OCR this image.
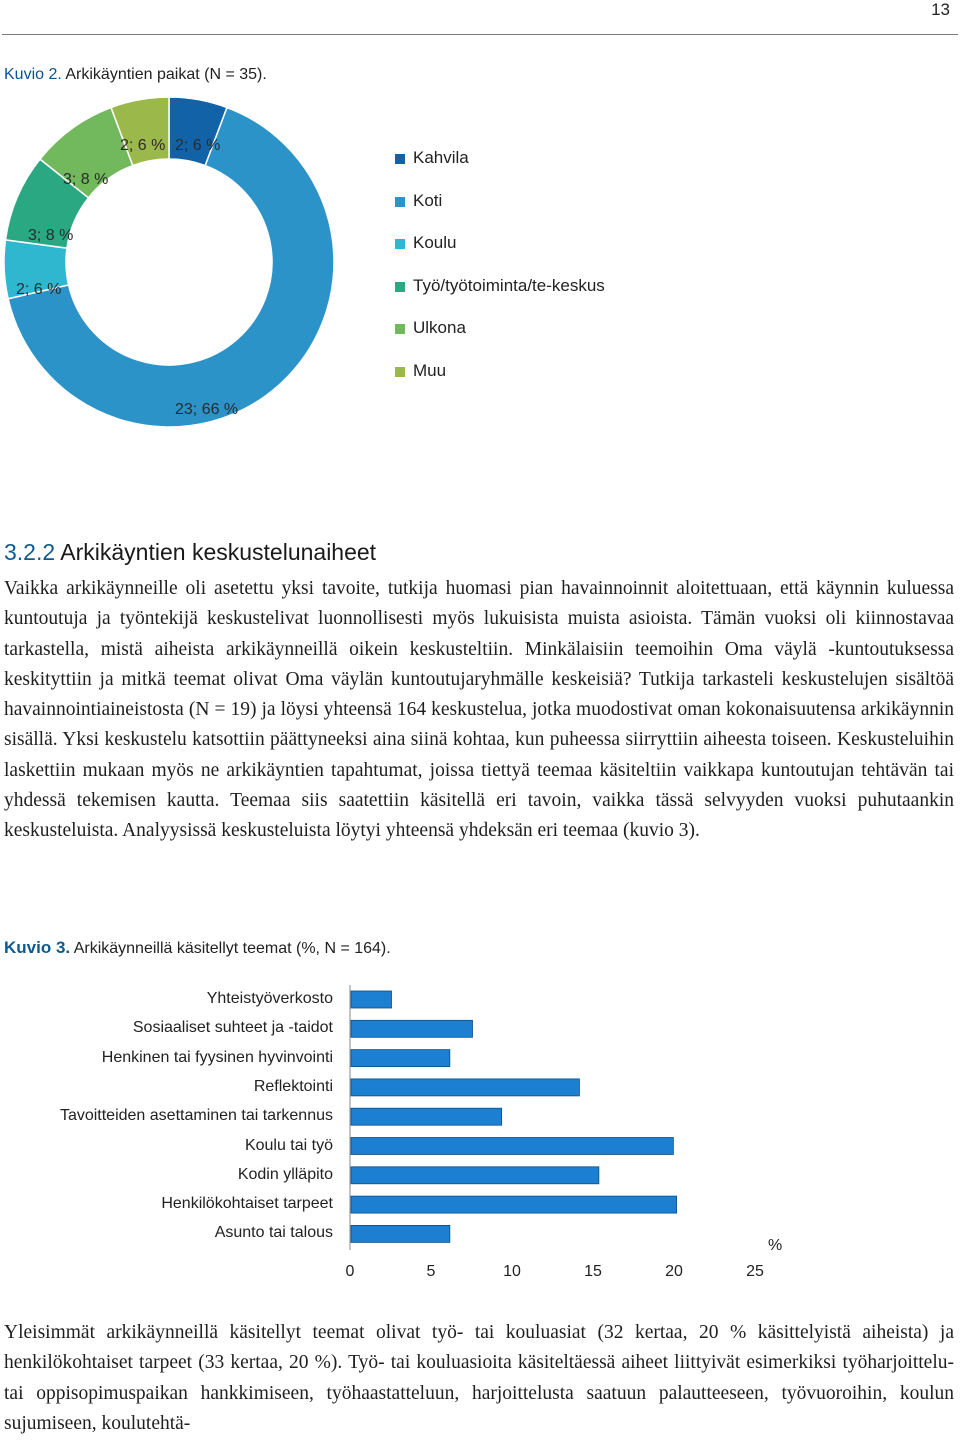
13
Kuvio 2. Arkikäyntien paikat (N = 35).
2; 6 %
23; 66 %
2; 6 %
3; 8 %
3; 8 %
2; 6 %
Kahvila
Koti
Koulu
Työ/työtoiminta/te-keskus
Ulkona
Muu
3.2.2 Arkikäyntien keskustelunaiheet
Vaikka arkikäynneille oli asetettu yksi tavoite, tutkija huomasi pian havainnoinnit aloitettuaan, että käynnin kuluessa kuntoutuja ja työntekijä keskustelivat luonnollisesti myös lukuisista muista asioista. Tämän vuoksi oli kiinnostavaa tarkastella, mistä aiheista arkikäynneillä oikein keskusteltiin. Minkälaisiin teemoihin Oma väylä -kuntoutuksessa keskityttiin ja mitkä teemat olivat Oma väylän kuntoutujaryhmälle keskeisiä? Tutkija tarkasteli keskustelujen sisältöä havainnointiaineistosta (N = 19) ja löysi yhteensä 164 keskustelua, jotka muodostivat oman kokonaisuutensa arkikäynnin sisällä. Yksi keskustelu katsottiin päättyneeksi aina siinä kohtaa, kun puheessa siirryttiin aiheesta toiseen. Keskusteluihin laskettiin mukaan myös ne arkikäyntien tapahtumat, joissa tiettyä teemaa käsiteltiin vaikkapa kuntoutujan tehtävän tai yhdessä tekemisen kautta. Teemaa siis saatettiin käsitellä eri tavoin, vaikka tässä selvyyden vuoksi puhutaankin keskusteluista. Analyysissä keskusteluista löytyi yhteensä yhdeksän eri teemaa (kuvio 3).
Kuvio 3. Arkikäynneillä käsitellyt teemat (%, N = 164).
Yhteistyöverkosto
Sosiaaliset suhteet ja -taidot
Henkinen tai fyysinen hyvinvointi
Reflektointi
Tavoitteiden asettaminen tai tarkennus
Koulu tai työ
Kodin ylläpito
Henkilökohtaiset tarpeet
Asunto tai talous
0	5	10	15	20	25
%
Yleisimmät arkikäynneillä käsitellyt teemat olivat työ- tai kouluasiat (32 kertaa, 20 % käsittelyistä aiheista) ja henkilökohtaiset tarpeet (33 kertaa, 20 %). Työ- tai kouluasioita käsiteltäessä aiheet liittyivät esimerkiksi työharjoittelu- tai oppisopimuspaikan hankkimiseen, työhaastatteluun, harjoittelusta saatuun palautteeseen, työvuoroihin, koulun sujumiseen, koulutehtä-
